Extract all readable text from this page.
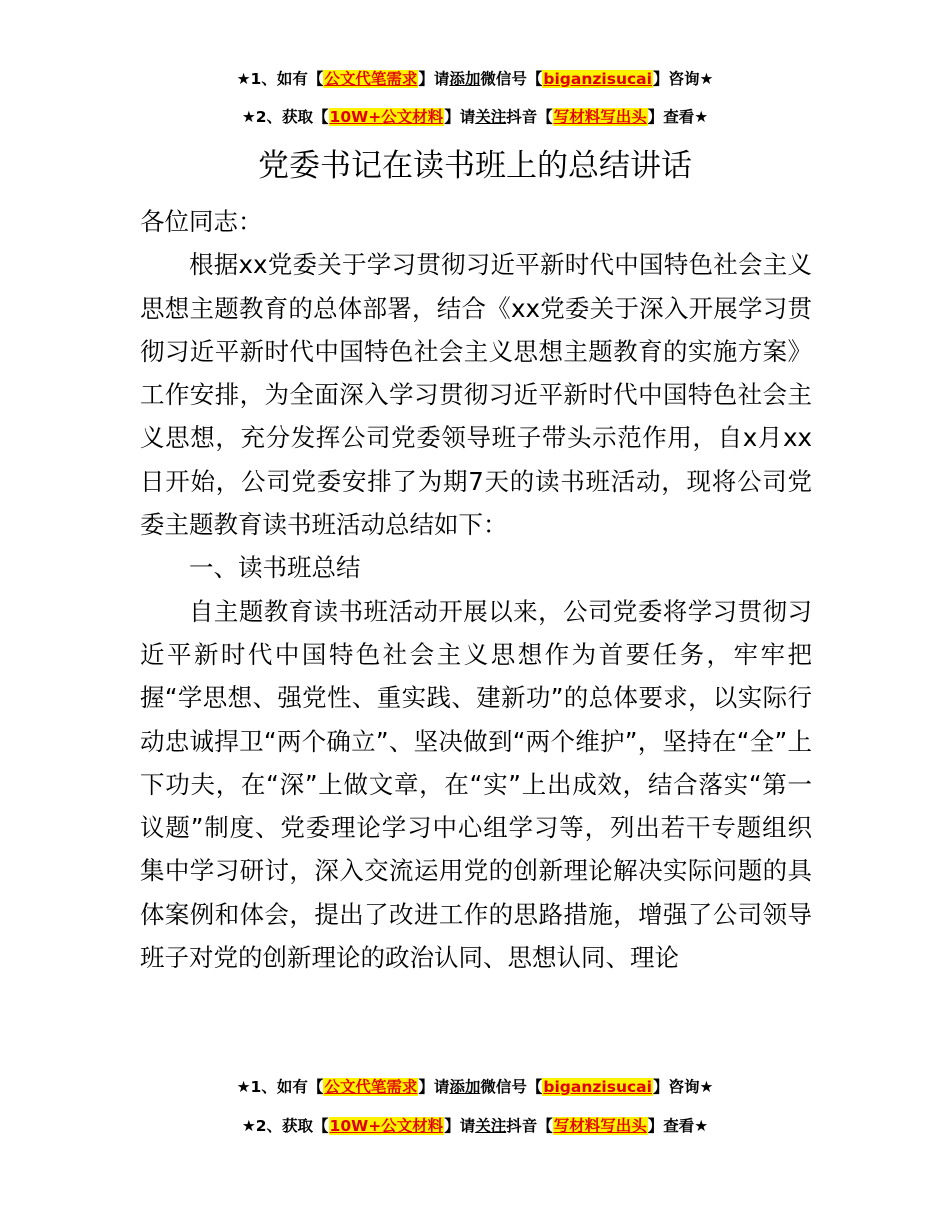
★1、如有【公文代笔需求】请添加微信号【biganzisucai】咨询★
★2、获取【10W+公文材料】请关注抖音【写材料写出头】查看★
党委书记在读书班上的总结讲话

各位同志：

根据xx党委关于学习贯彻习近平新时代中国特色社会主义思想主题教育的总体部署，结合《xx党委关于深入开展学习贯彻习近平新时代中国特色社会主义思想主题教育的实施方案》工作安排，为全面深入学习贯彻习近平新时代中国特色社会主义思想，充分发挥公司党委领导班子带头示范作用，自x月xx日开始，公司党委安排了为期7天的读书班活动，现将公司党委主题教育读书班活动总结如下：

一、读书班总结

自主题教育读书班活动开展以来，公司党委将学习贯彻习近平新时代中国特色社会主义思想作为首要任务，牢牢把握“学思想、强党性、重实践、建新功”的总体要求，以实际行动忠诚捍卫“两个确立”、坚决做到“两个维护”，坚持在“全”上下功夫，在“深”上做文章，在“实”上出成效，结合落实“第一议题”制度、党委理论学习中心组学习等，列出若干专题组织集中学习研讨，深入交流运用党的创新理论解决实际问题的具体案例和体会，提出了改进工作的思路措施，增强了公司领导班子对党的创新理论的政治认同、思想认同、理论

★1、如有【公文代笔需求】请添加微信号【biganzisucai】咨询★
★2、获取【10W+公文材料】请关注抖音【写材料写出头】查看★
